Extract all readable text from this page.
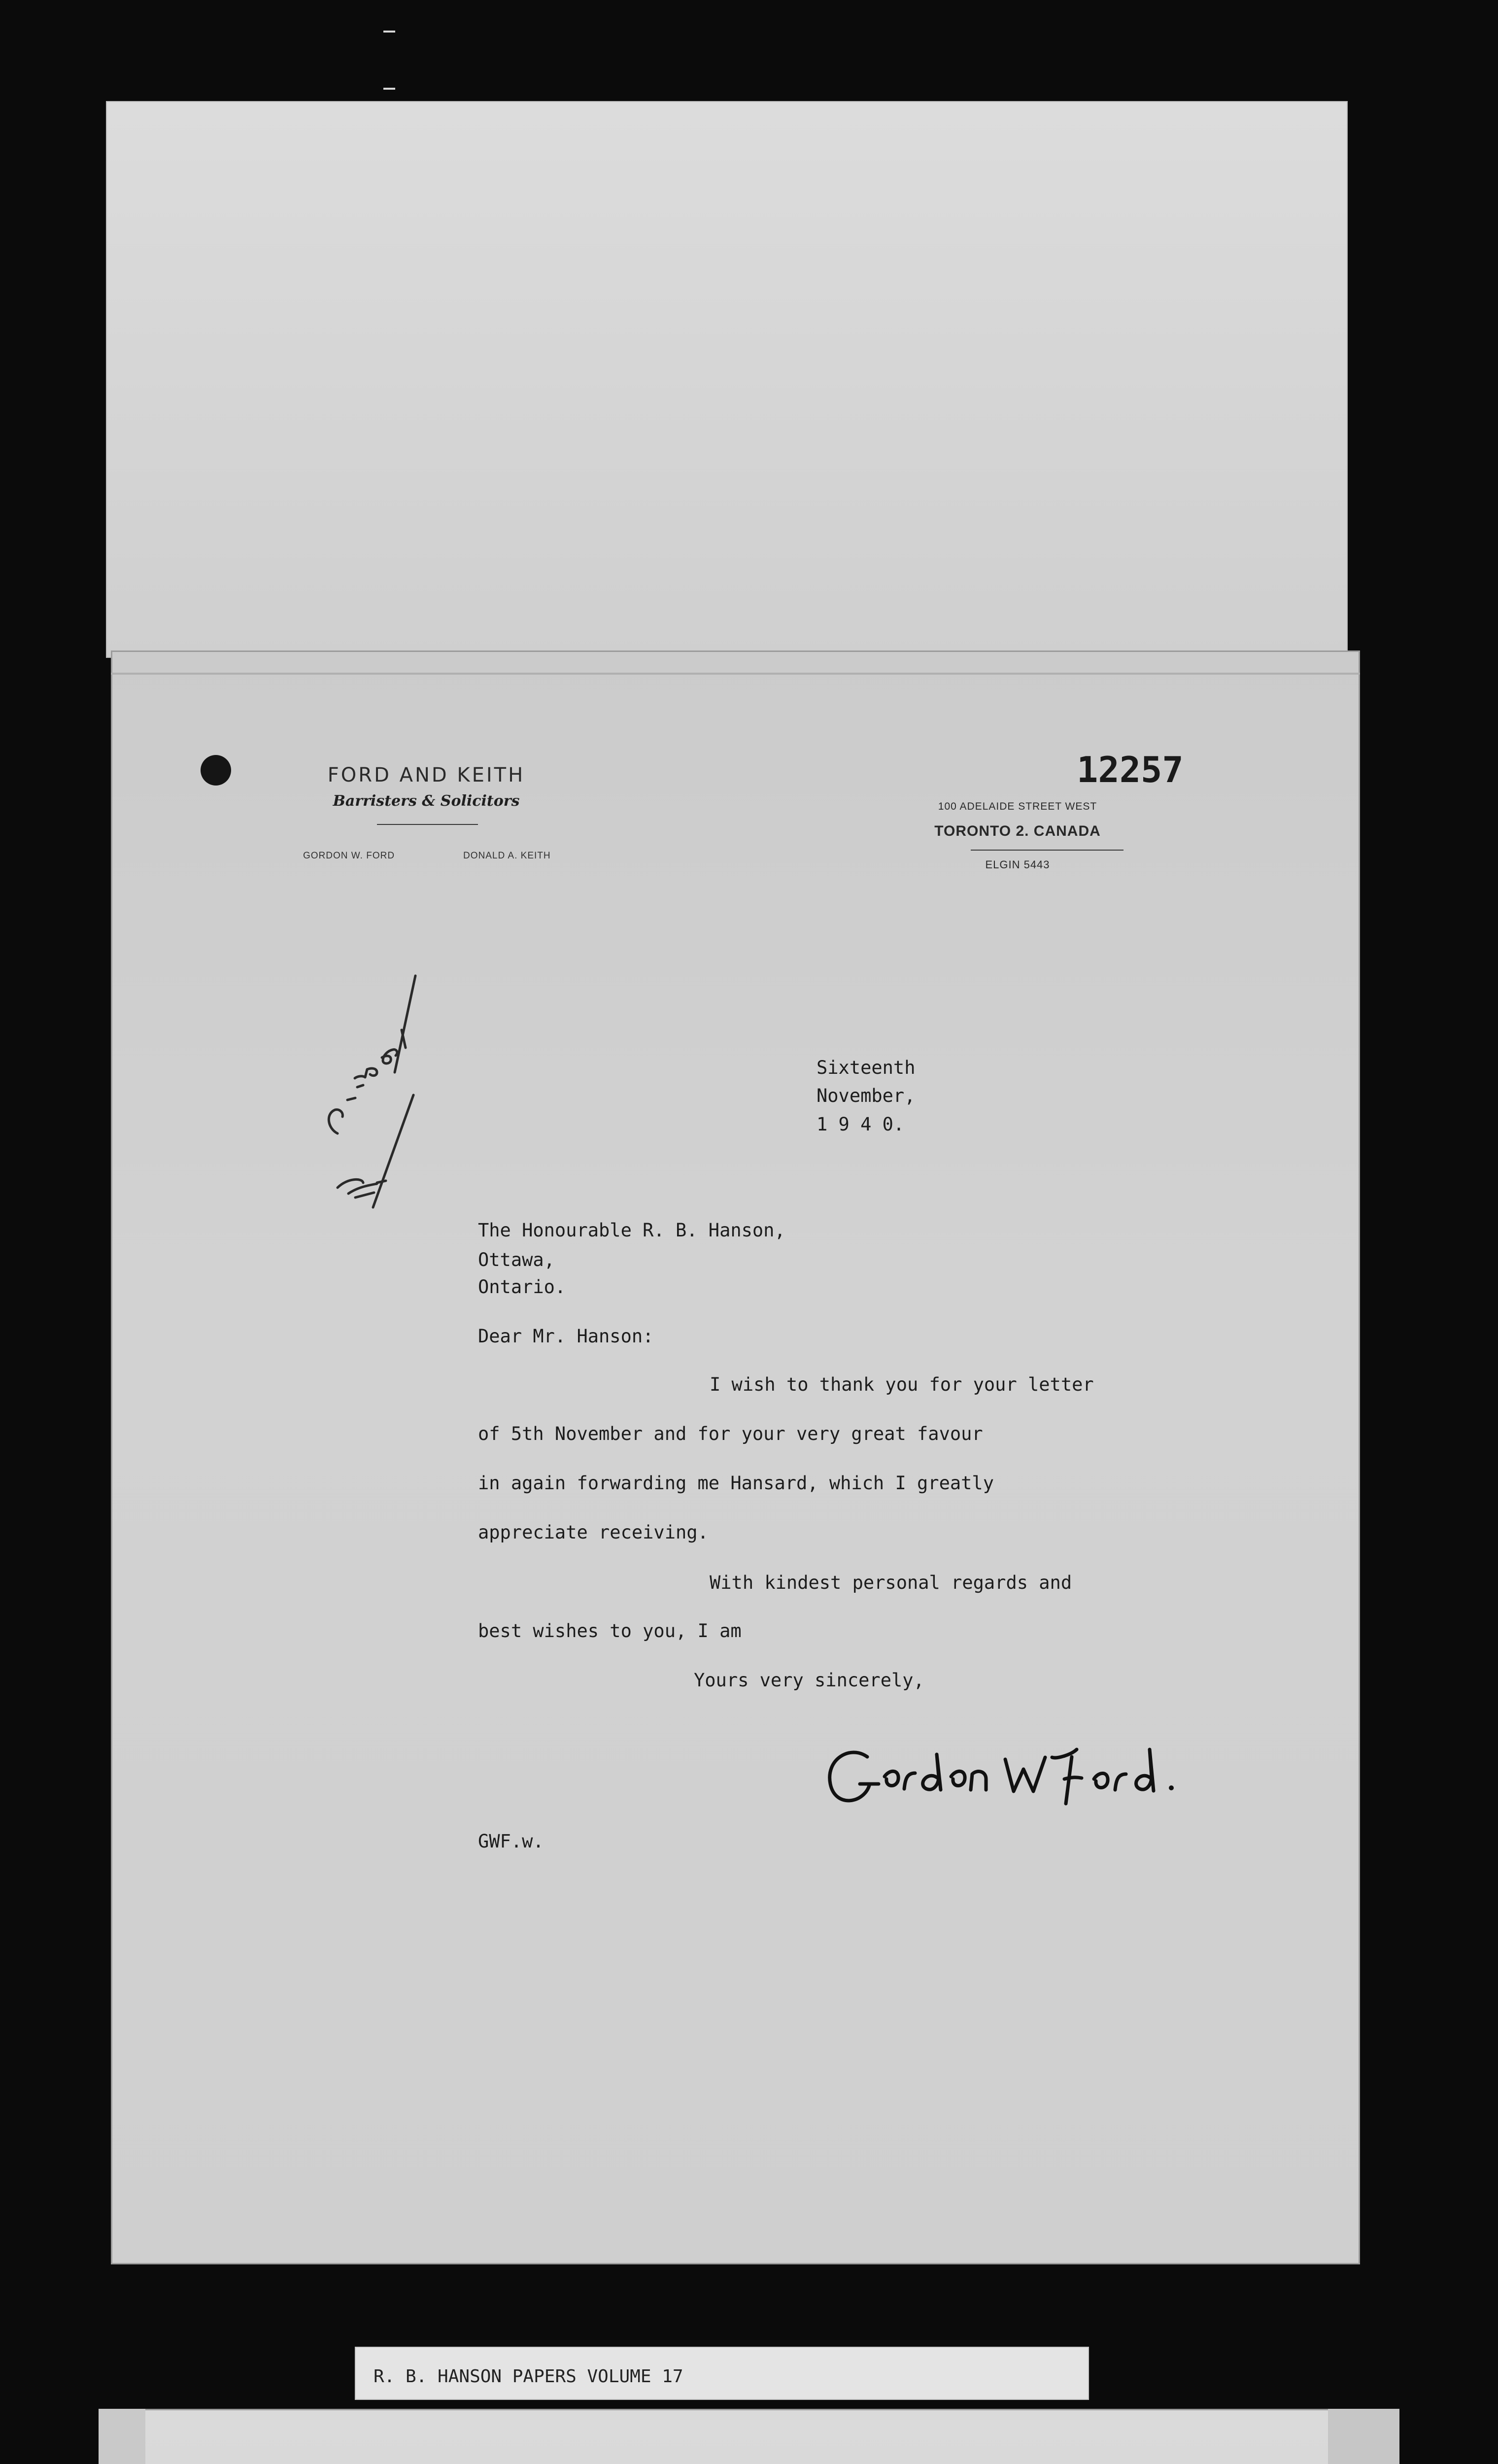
FORD AND KEITH
Barristers & Solicitors
GORDON W. FORD	DONALD A. KEITH
12257
100 ADELAIDE STREET WEST
TORONTO 2. CANADA
ELGIN 5443
Sixteenth
November,
1 9 4 0.
The Honourable R. B. Hanson,
Ottawa,
Ontario.
Dear Mr. Hanson:
I wish to thank you for your letter
of 5th November and for your very great favour
in again forwarding me Hansard, which I greatly
appreciate receiving.
With kindest personal regards and
best wishes to you, I am
Yours very sincerely,
GWF.w.
R. B. HANSON PAPERS VOLUME 17
